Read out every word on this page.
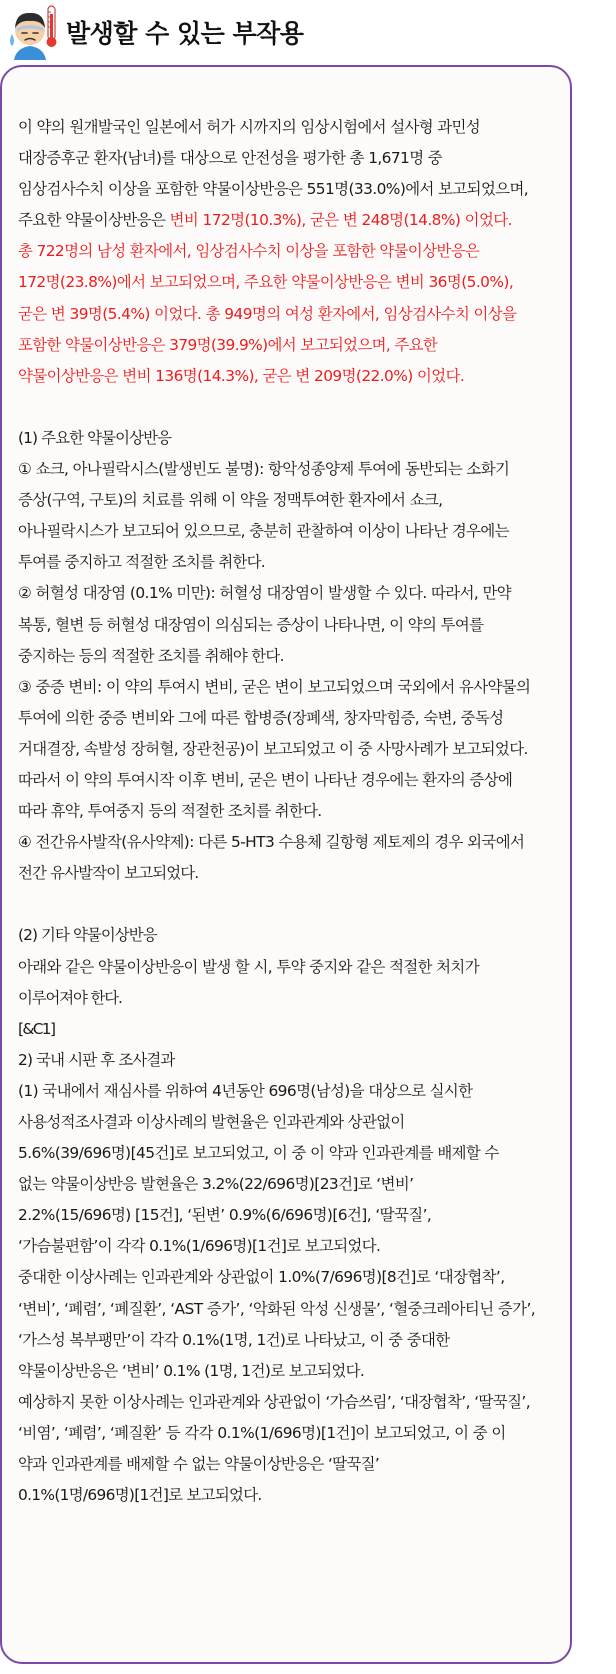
발생할 수 있는 부작용
이 약의 원개발국인 일본에서 허가 시까지의 임상시험에서 설사형 과민성
대장증후군 환자(남녀)를 대상으로 안전성을 평가한 총 1,671명 중
임상검사수치 이상을 포함한 약물이상반응은 551명(33.0%)에서 보고되었으며,
주요한 약물이상반응은 변비 172명(10.3%), 굳은 변 248명(14.8%) 이었다.
총 722명의 남성 환자에서, 임상검사수치 이상을 포함한 약물이상반응은
172명(23.8%)에서 보고되었으며, 주요한 약물이상반응은 변비 36명(5.0%),
굳은 변 39명(5.4%) 이었다. 총 949명의 여성 환자에서, 임상검사수치 이상을
포함한 약물이상반응은 379명(39.9%)에서 보고되었으며, 주요한
약물이상반응은 변비 136명(14.3%), 굳은 변 209명(22.0%) 이었다.
(1) 주요한 약물이상반응
① 쇼크, 아나필락시스(발생빈도 불명): 항악성종양제 투여에 동반되는 소화기
증상(구역, 구토)의 치료를 위해 이 약을 정맥투여한 환자에서 쇼크,
아나필락시스가 보고되어 있으므로, 충분히 관찰하여 이상이 나타난 경우에는
투여를 중지하고 적절한 조치를 취한다.
② 허혈성 대장염 (0.1% 미만): 허혈성 대장염이 발생할 수 있다. 따라서, 만약
복통, 혈변 등 허혈성 대장염이 의심되는 증상이 나타나면, 이 약의 투여를
중지하는 등의 적절한 조치를 취해야 한다.
③ 중증 변비: 이 약의 투여시 변비, 굳은 변이 보고되었으며 국외에서 유사약물의
투여에 의한 중증 변비와 그에 따른 합병증(장폐색, 창자막힘증, 숙변, 중독성
거대결장, 속발성 장허혈, 장관천공)이 보고되었고 이 중 사망사례가 보고되었다.
따라서 이 약의 투여시작 이후 변비, 굳은 변이 나타난 경우에는 환자의 증상에
따라 휴약, 투여중지 등의 적절한 조치를 취한다.
④ 전간유사발작(유사약제): 다른 5-HT3 수용체 길항형 제토제의 경우 외국에서
전간 유사발작이 보고되었다.
(2) 기타 약물이상반응
아래와 같은 약물이상반응이 발생 할 시, 투약 중지와 같은 적절한 처치가
이루어져야 한다.
[&C1]
2) 국내 시판 후 조사결과
(1) 국내에서 재심사를 위하여 4년동안 696명(남성)을 대상으로 실시한
사용성적조사결과 이상사례의 발현율은 인과관계와 상관없이
5.6%(39/696명)[45건]로 보고되었고, 이 중 이 약과 인과관계를 배제할 수
없는 약물이상반응 발현율은 3.2%(22/696명)[23건]로 ‘변비’
2.2%(15/696명) [15건], ‘된변’ 0.9%(6/696명)[6건], ‘딸꾹질’,
‘가슴불편함’이 각각 0.1%(1/696명)[1건]로 보고되었다.
중대한 이상사례는 인과관계와 상관없이 1.0%(7/696명)[8건]로 ‘대장협착’,
‘변비’, ‘폐렴’, ‘폐질환’, ‘AST 증가’, ‘악화된 악성 신생물’, ‘혈중크레아티닌 증가’,
‘가스성 복부팽만’이 각각 0.1%(1명, 1건)로 나타났고, 이 중 중대한
약물이상반응은 ‘변비’ 0.1% (1명, 1건)로 보고되었다.
예상하지 못한 이상사례는 인과관계와 상관없이 ‘가슴쓰림’, ‘대장협착’, ‘딸꾹질’,
‘비염’, ‘폐렴’, ‘폐질환’ 등 각각 0.1%(1/696명)[1건]이 보고되었고, 이 중 이
약과 인과관계를 배제할 수 없는 약물이상반응은 ‘딸꾹질’
0.1%(1명/696명)[1건]로 보고되었다.
